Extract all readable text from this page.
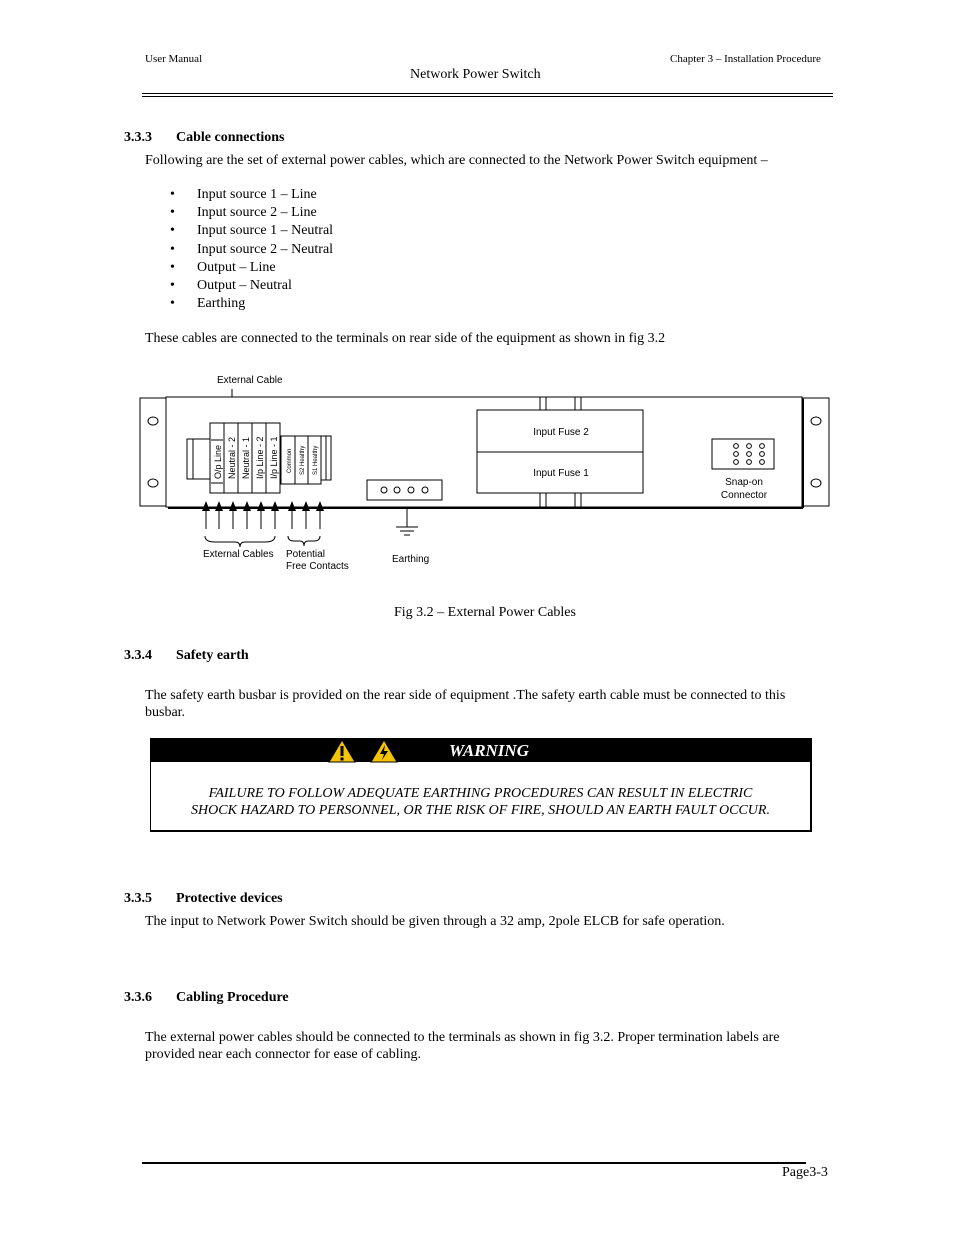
User Manual	Chapter 3 – Installation Procedure
Network Power Switch
3.3.3 Cable connections
Following are the set of external power cables, which are connected to the Network Power Switch equipment –
• Input source 1 – Line
• Input source 2 – Line
• Input source 1 – Neutral
• Input source 2 – Neutral
• Output – Line
• Output – Neutral
• Earthing
These cables are connected to the terminals on rear side of the equipment as shown in fig 3.2
External Cable
O/p Line Neutral - 2 Neutral - 1 I/p Line - 2 I/p Line - 1 Common S2 Healthy S1 Healthy
Input Fuse 2
Input Fuse 1
Snap-on
Connector
External Cables Potential
Free Contacts
Earthing
Fig 3.2 – External Power Cables
3.3.4 Safety earth
The safety earth busbar is provided on the rear side of equipment .The safety earth cable must be connected to this
busbar.
WARNING
FAILURE TO FOLLOW ADEQUATE EARTHING PROCEDURES CAN RESULT IN ELECTRIC
SHOCK HAZARD TO PERSONNEL, OR THE RISK OF FIRE, SHOULD AN EARTH FAULT OCCUR.
3.3.5 Protective devices
The input to Network Power Switch should be given through a 32 amp, 2pole ELCB for safe operation.
3.3.6 Cabling Procedure
The external power cables should be connected to the terminals as shown in fig 3.2. Proper termination labels are
provided near each connector for ease of cabling.
Page3-3
